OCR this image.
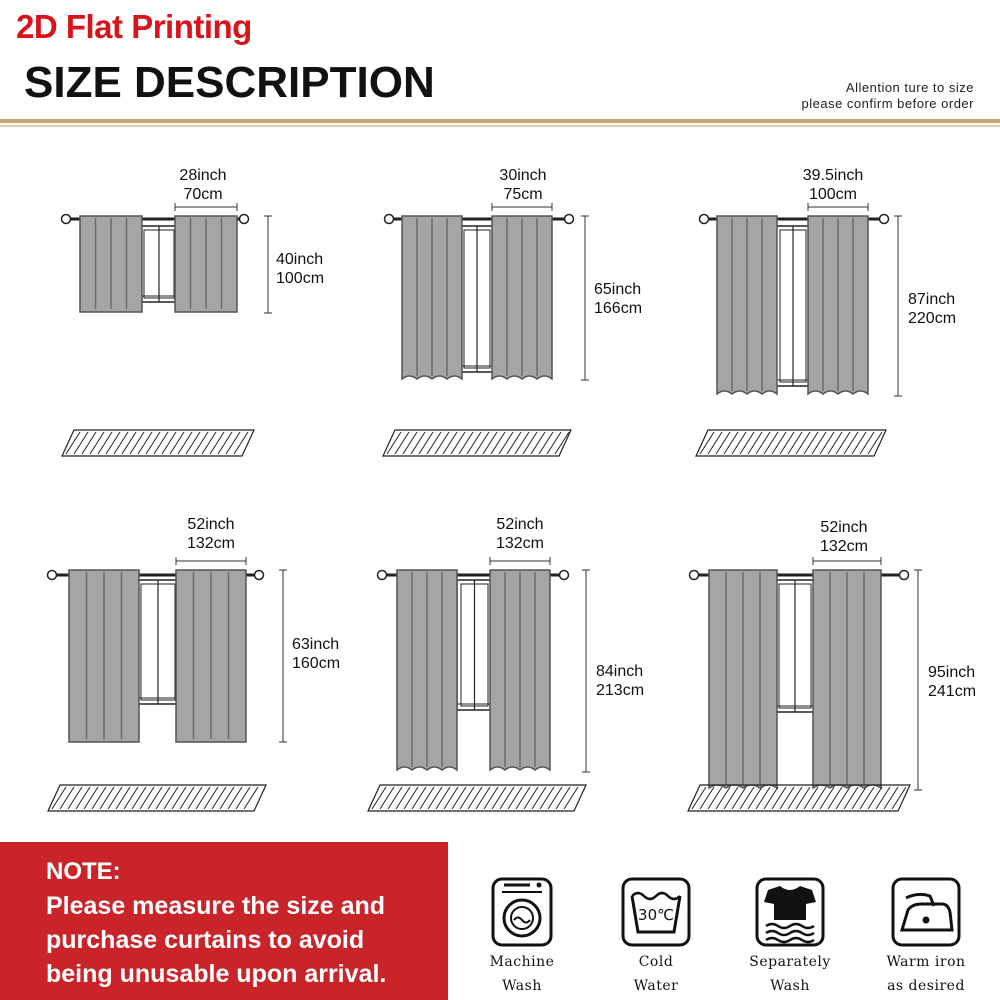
2D Flat Printing
SIZE DESCRIPTION	Allention ture to size
please confirm before order
28inch
70cm
40inch
100cm
30inch
75cm
65inch
166cm
39.5inch
100cm
87inch
220cm
52inch
132cm
63inch
160cm
52inch
132cm
84inch
213cm
52inch
132cm
95inch
241cm
NOTE:
Please measure the size and
purchase curtains to avoid
being unusable upon arrival.	Machine
Wash
30℃
Cold
Water
Separately
Wash
Warm iron
as desired
